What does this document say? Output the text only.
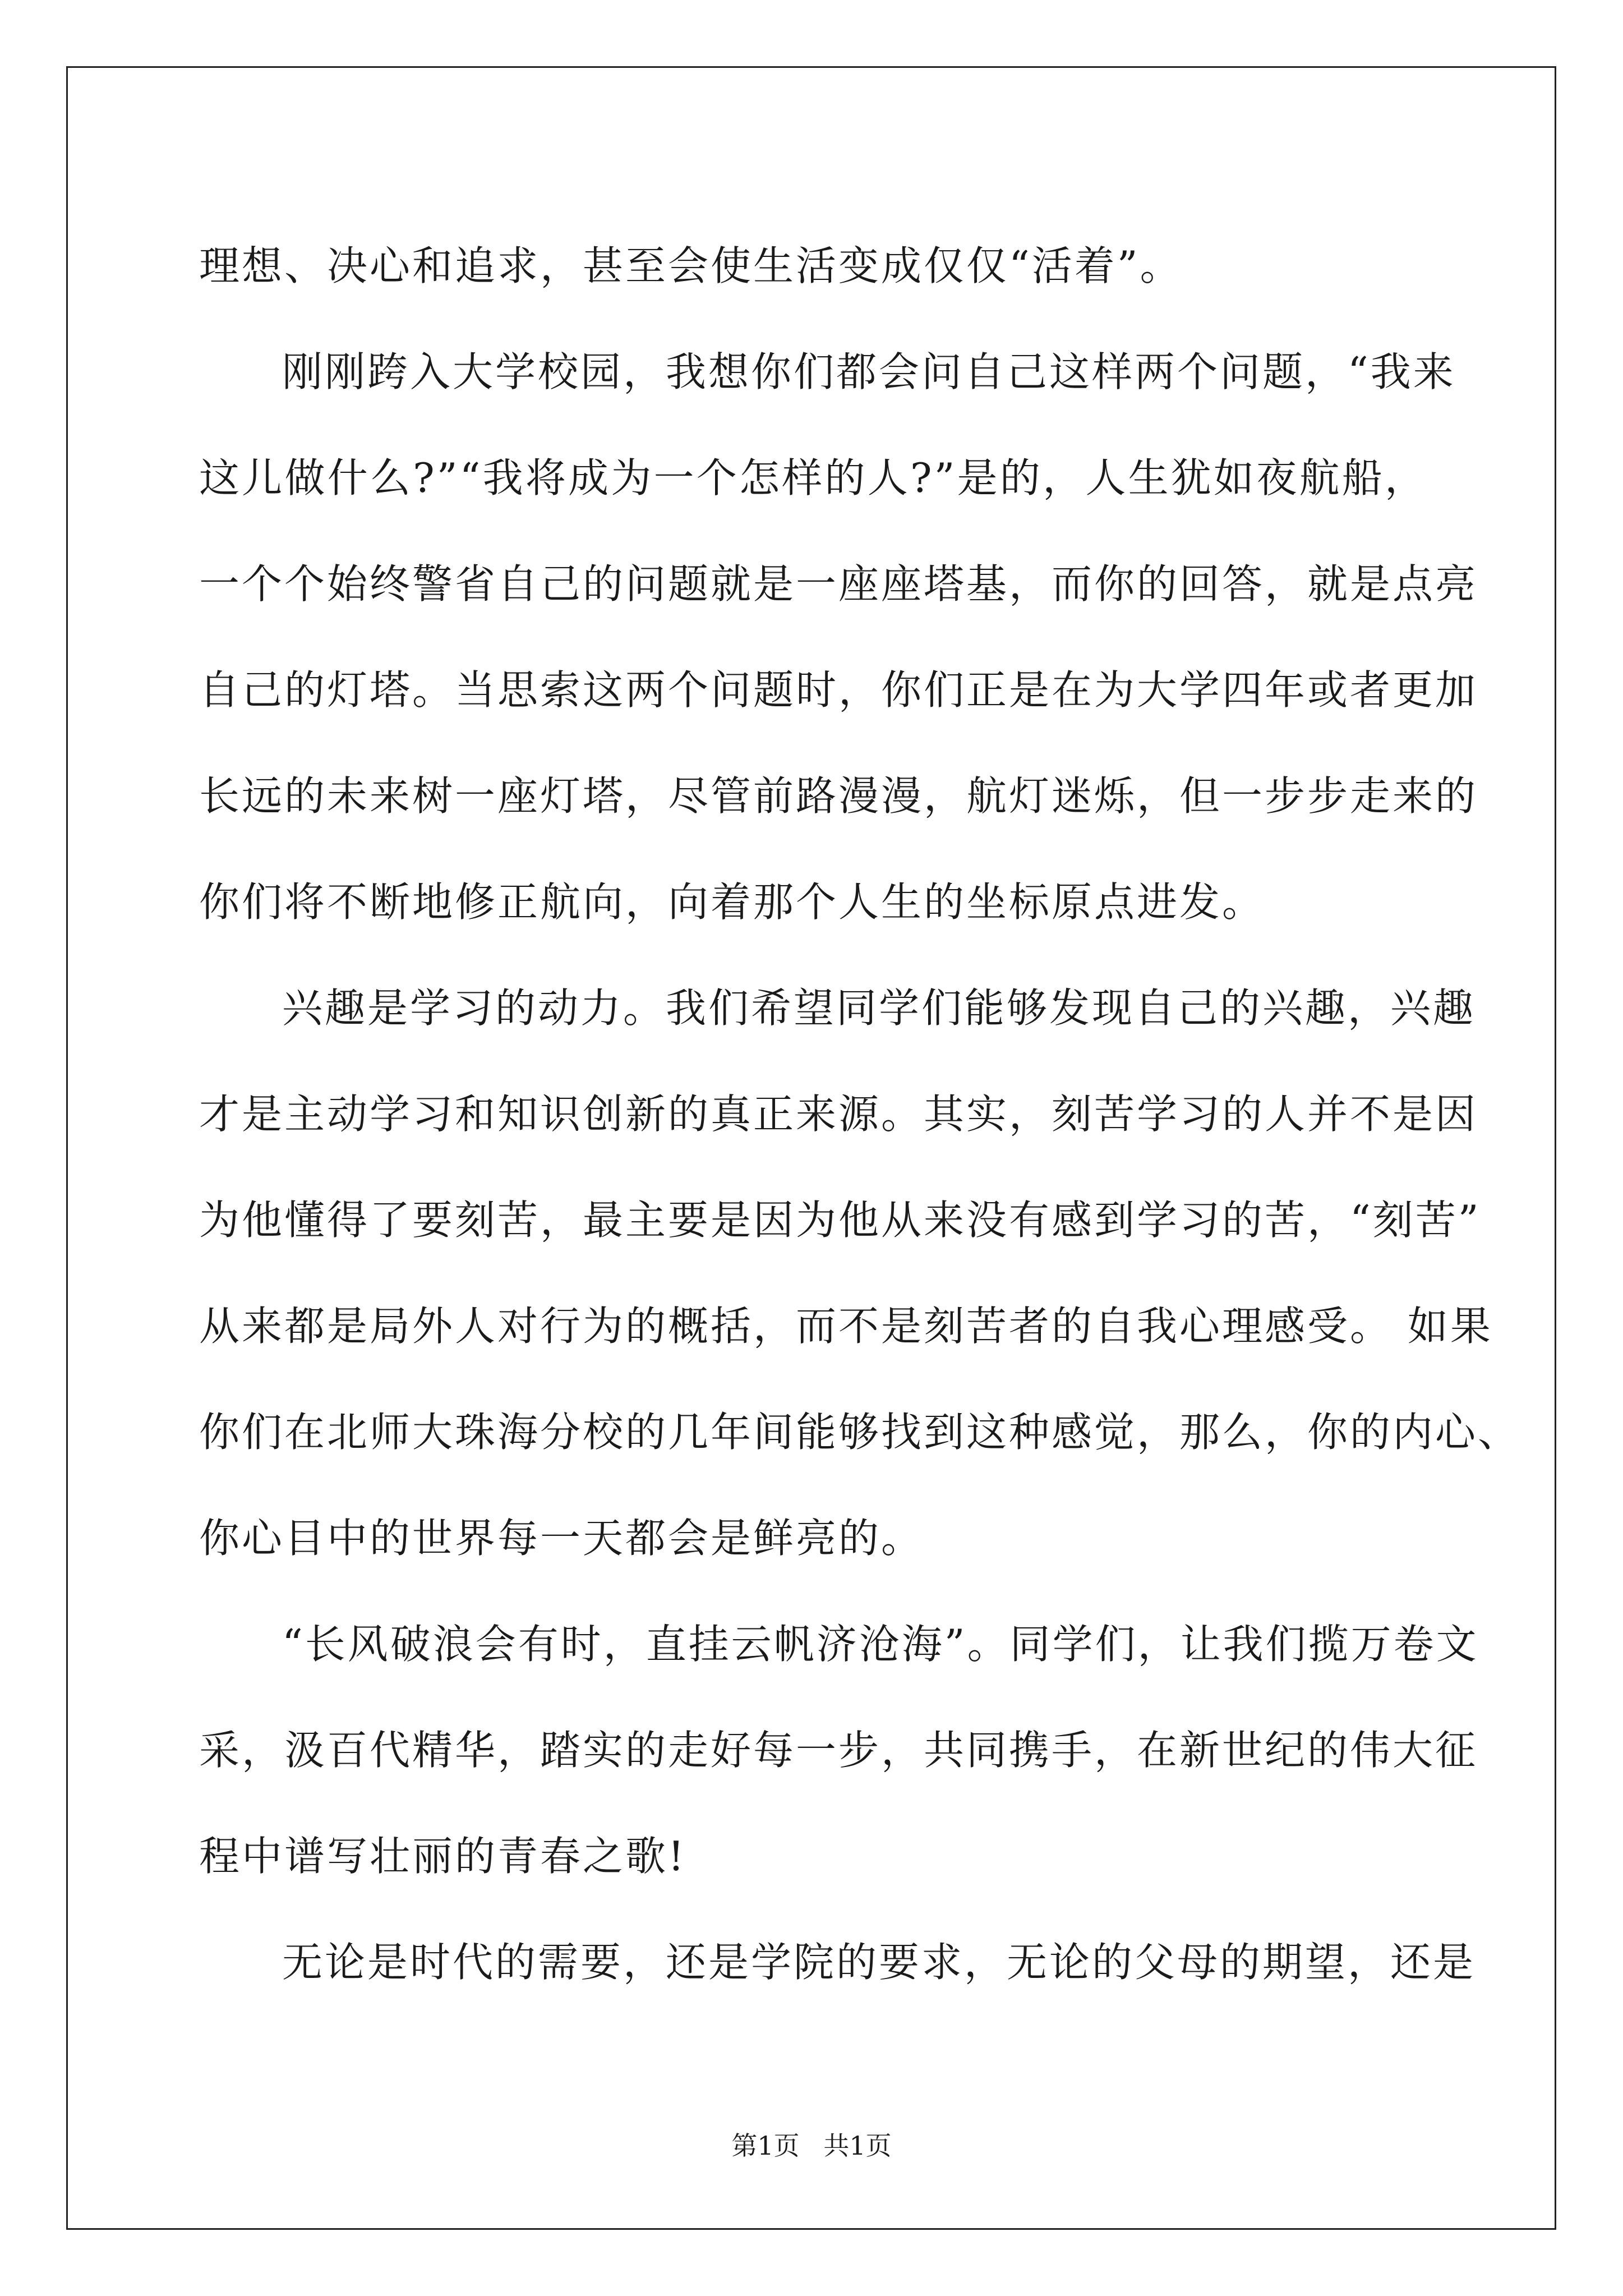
理想、决心和追求，甚至会使生活变成仅仅“活着”。
刚刚跨入大学校园，我想你们都会问自己这样两个问题，“我来
这儿做什么?”“我将成为一个怎样的人?”是的，人生犹如夜航船，
一个个始终警省自己的问题就是一座座塔基，而你的回答，就是点亮
自己的灯塔。当思索这两个问题时，你们正是在为大学四年或者更加
长远的未来树一座灯塔，尽管前路漫漫，航灯迷烁，但一步步走来的
你们将不断地修正航向，向着那个人生的坐标原点进发。
兴趣是学习的动力。我们希望同学们能够发现自己的兴趣，兴趣
才是主动学习和知识创新的真正来源。其实，刻苦学习的人并不是因
为他懂得了要刻苦，最主要是因为他从来没有感到学习的苦，“刻苦”
从来都是局外人对行为的概括，而不是刻苦者的自我心理感受。 如果
你们在北师大珠海分校的几年间能够找到这种感觉，那么，你的内心、
你心目中的世界每一天都会是鲜亮的。
“长风破浪会有时，直挂云帆济沧海”。同学们，让我们揽万卷文
采，汲百代精华，踏实的走好每一步，共同携手，在新世纪的伟大征
程中谱写壮丽的青春之歌!
无论是时代的需要，还是学院的要求，无论的父母的期望，还是
第1页 共1页
